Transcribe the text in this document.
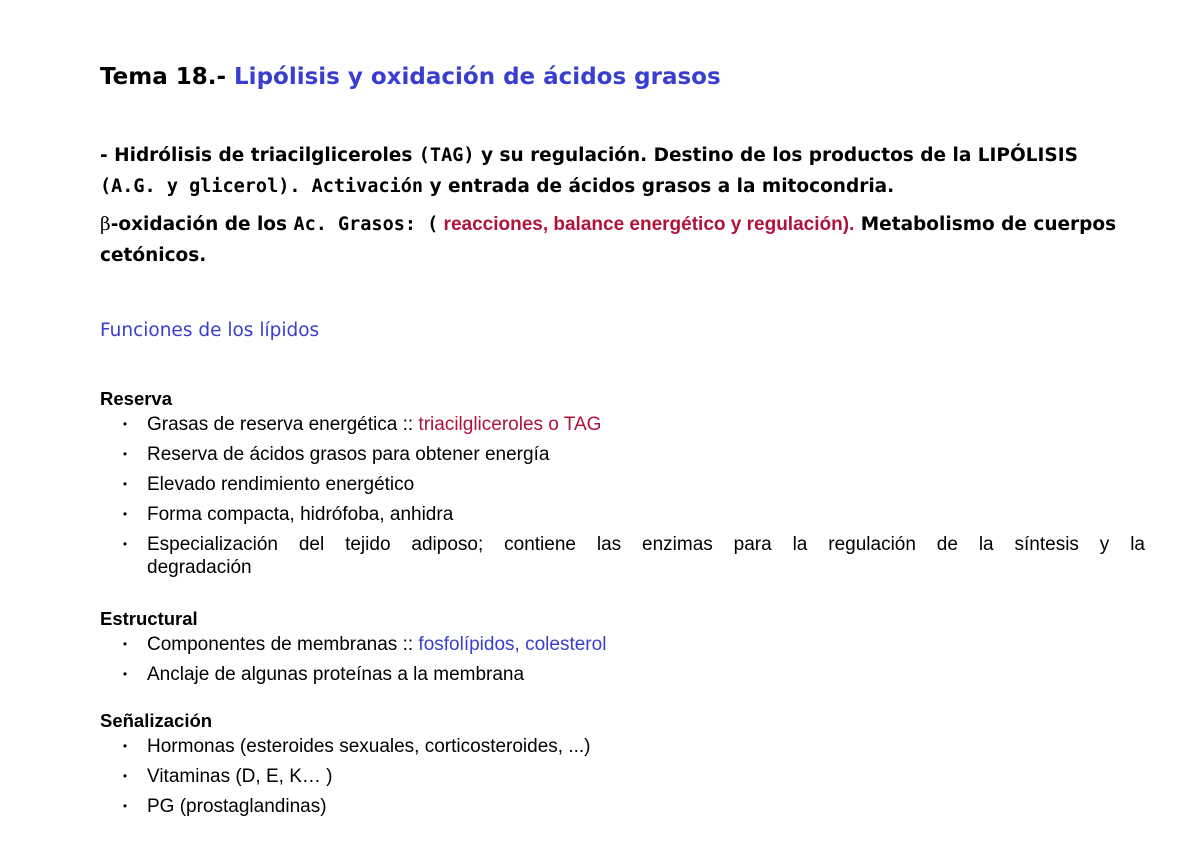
Tema 18.- Lipólisis y oxidación de ácidos grasos

- Hidrólisis de triacilgliceroles (TAG) y su regulación. Destino de los productos de la LIPÓLISIS
(A.G. y glicerol). Activación y entrada de ácidos grasos a la mitocondria.

β-oxidación de los Ac. Grasos: ( reacciones, balance energético y regulación). Metabolismo de cuerpos cetónicos.

Funciones de los lípidos
Reserva
• Grasas de reserva energética :: triacilgliceroles o TAG
• Reserva de ácidos grasos para obtener energía
• Elevado rendimiento energético
• Forma compacta, hidrófoba, anhidra
• Especialización del tejido adiposo; contiene las enzimas para la regulación de la síntesis y la
degradación
Estructural
• Componentes de membranas :: fosfolípidos, colesterol
• Anclaje de algunas proteínas a la membrana
Señalización
• Hormonas (esteroides sexuales, corticosteroides, ...)
• Vitaminas (D, E, K… )
• PG (prostaglandinas)
